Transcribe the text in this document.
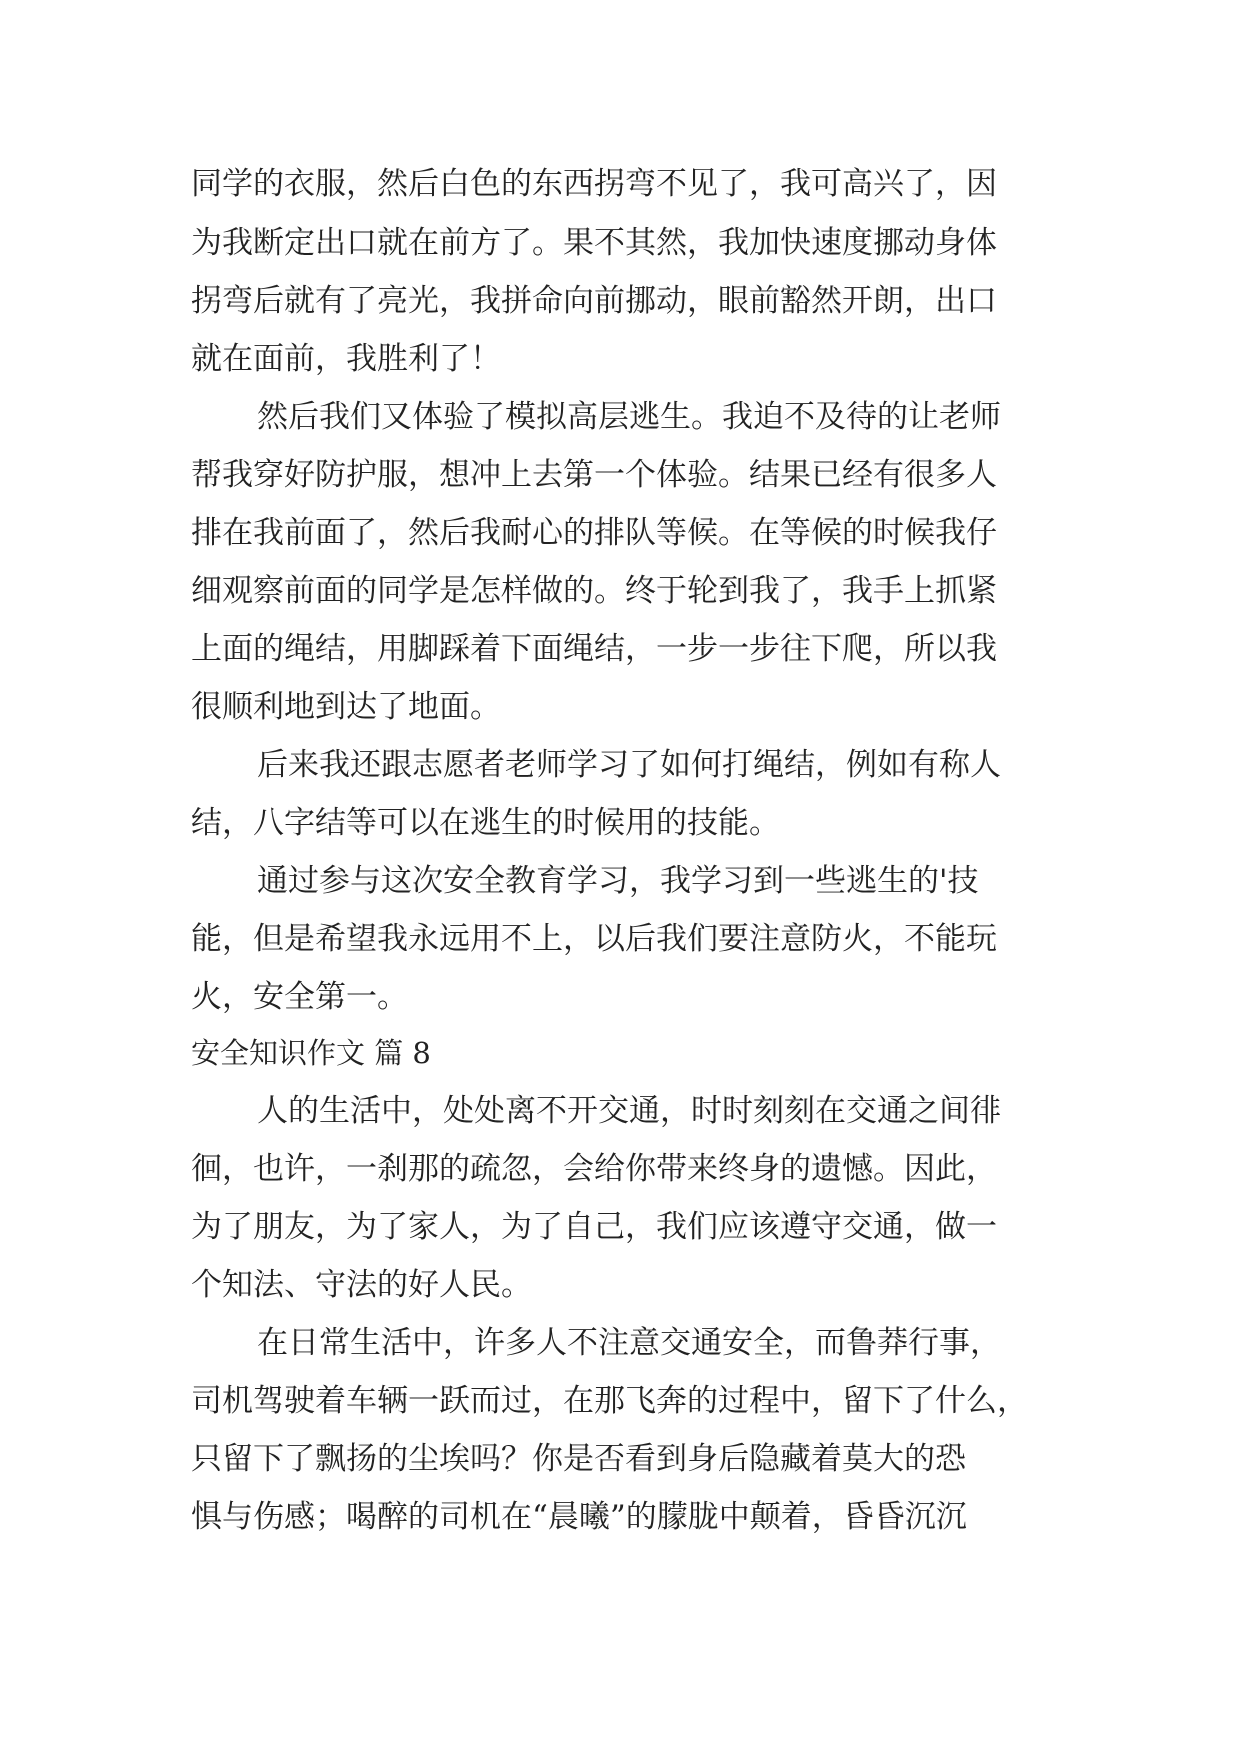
同学的衣服，然后白色的东西拐弯不见了，我可高兴了，因
为我断定出口就在前方了。果不其然，我加快速度挪动身体
拐弯后就有了亮光，我拼命向前挪动，眼前豁然开朗，出口
就在面前，我胜利了！
然后我们又体验了模拟高层逃生。我迫不及待的让老师
帮我穿好防护服，想冲上去第一个体验。结果已经有很多人
排在我前面了，然后我耐心的排队等候。在等候的时候我仔
细观察前面的同学是怎样做的。终于轮到我了，我手上抓紧
上面的绳结，用脚踩着下面绳结，一步一步往下爬，所以我
很顺利地到达了地面。
后来我还跟志愿者老师学习了如何打绳结，例如有称人
结，八字结等可以在逃生的时候用的技能。
通过参与这次安全教育学习，我学习到一些逃生的'技
能，但是希望我永远用不上，以后我们要注意防火，不能玩
火，安全第一。
安全知识作文 篇 8
人的生活中，处处离不开交通，时时刻刻在交通之间徘
徊，也许，一刹那的疏忽，会给你带来终身的遗憾。因此，
为了朋友，为了家人，为了自己，我们应该遵守交通，做一
个知法、守法的好人民。
在日常生活中，许多人不注意交通安全，而鲁莽行事，
司机驾驶着车辆一跃而过，在那飞奔的过程中，留下了什么，
只留下了飘扬的尘埃吗？你是否看到身后隐藏着莫大的恐
惧与伤感；喝醉的司机在“晨曦”的朦胧中颠着，昏昏沉沉
